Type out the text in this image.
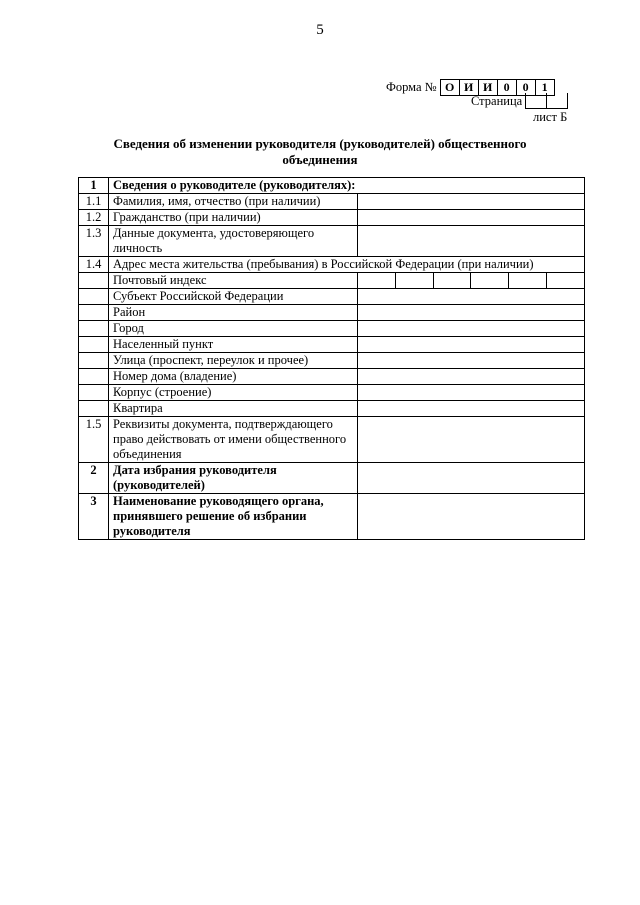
5
Форма № О И И 0	0	1
Страница
лист Б
Сведения об изменении руководителя (руководителей) общественного объединения
1	Сведения о руководителе (руководителях):	
1.1	Фамилия, имя, отчество (при наличии)	
1.2	Гражданство (при наличии)	
1.3	Данные документа, удостоверяющего личность	
1.4	Адрес места жительства (пребывания) в Российской Федерации (при наличии)	
	Почтовый индекс	

	Субъект Российской Федерации	
	Район	
	Город	
	Населенный пункт	
	Улица (проспект, переулок и прочее)	
	Номер дома (владение)	
	Корпус (строение)	
	Квартира	
1.5	Реквизиты документа, подтверждающего право действовать от имени общественного объединения	
2	Дата избрания руководителя (руководителей)	
3	Наименование руководящего органа, принявшего решение об избрании руководителя	
